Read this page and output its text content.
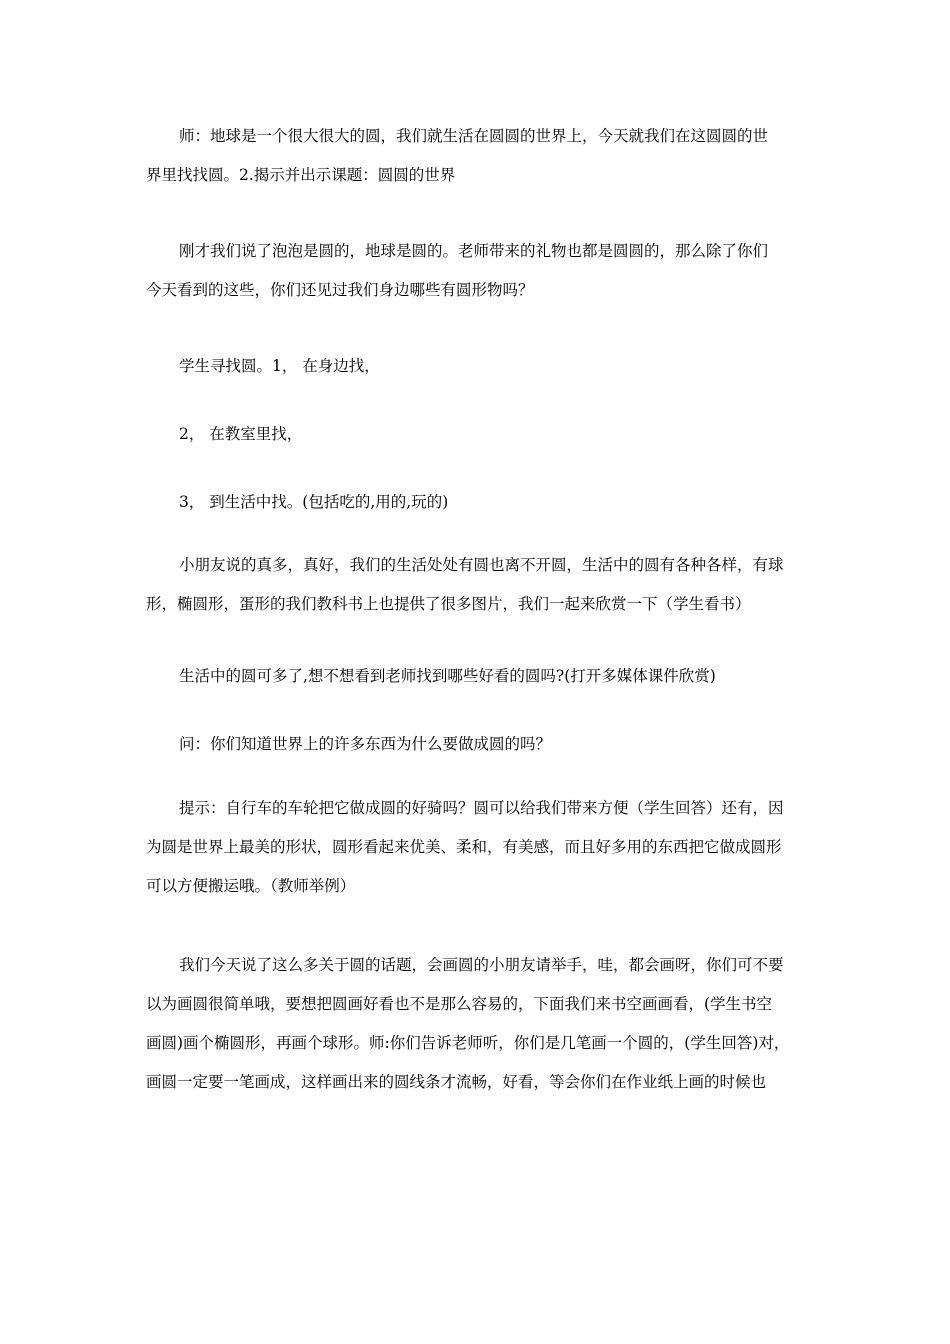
师：地球是一个很大很大的圆，我们就生活在圆圆的世界上，今天就我们在这圆圆的世
界里找找圆。2.揭示并出示课题：圆圆的世界

刚才我们说了泡泡是圆的，地球是圆的。老师带来的礼物也都是圆圆的，那么除了你们
今天看到的这些，你们还见过我们身边哪些有圆形物吗？

学生寻找圆。1， 在身边找，

2， 在教室里找，

3， 到生活中找。(包括吃的,用的,玩的)

小朋友说的真多，真好，我们的生活处处有圆也离不开圆，生活中的圆有各种各样，有球
形，椭圆形，蛋形的我们教科书上也提供了很多图片，我们一起来欣赏一下（学生看书）

生活中的圆可多了,想不想看到老师找到哪些好看的圆吗?(打开多媒体课件欣赏)

问：你们知道世界上的许多东西为什么要做成圆的吗？

提示：自行车的车轮把它做成圆的好骑吗？圆可以给我们带来方便（学生回答）还有，因
为圆是世界上最美的形状，圆形看起来优美、柔和，有美感，而且好多用的东西把它做成圆形
可以方便搬运哦。（教师举例）

我们今天说了这么多关于圆的话题，会画圆的小朋友请举手，哇，都会画呀，你们可不要
以为画圆很简单哦，要想把圆画好看也不是那么容易的，下面我们来书空画画看，(学生书空
画圆)画个椭圆形，再画个球形。师:你们告诉老师听，你们是几笔画一个圆的，(学生回答)对，
画圆一定要一笔画成，这样画出来的圆线条才流畅，好看，等会你们在作业纸上画的时候也
